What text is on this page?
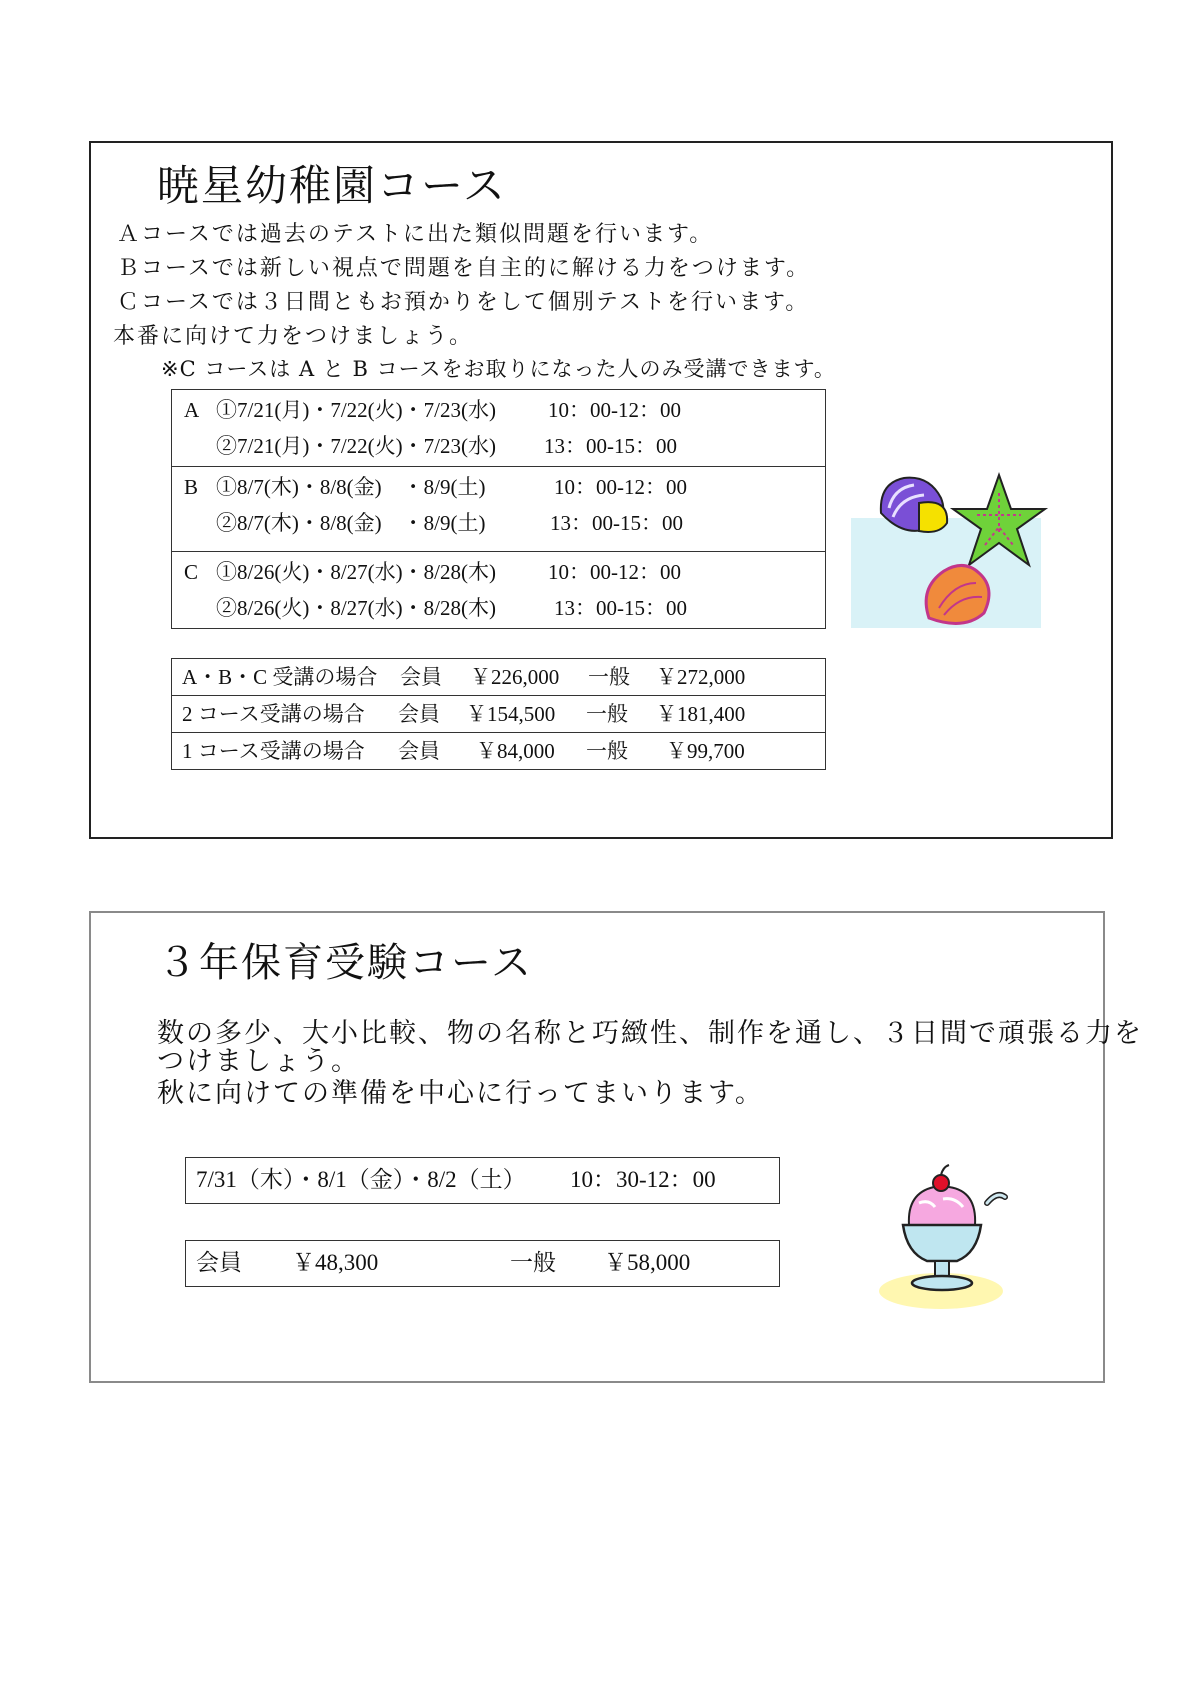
暁星幼稚園コース
Ａコースでは過去のテストに出た類似問題を行います。
Ｂコースでは新しい視点で問題を自主的に解ける力をつけます。
Ｃコースでは３日間ともお預かりをして個別テストを行います。
本番に向けて力をつけましょう。
※C コースは A と B コースをお取りになった人のみ受講できます。
A ①7/21(月)・7/22(火)・7/23(水) 10：00-12：00
②7/21(月)・7/22(火)・7/23(水) 13：00-15：00
B ①8/7(木)・8/8(金)　・8/9(土)	10：00-12：00
②8/7(木)・8/8(金)　・8/9(土)	13：00-15：00
C ①8/26(火)・8/27(水)・8/28(木) 10：00-12：00
②8/26(火)・8/27(水)・8/28(木)	13：00-15：00
A・B・C 受講の場合 会員 ￥226,000 一般 ￥272,000
2 コース受講の場合 会員 ￥154,500 一般 ￥181,400
1 コース受講の場合 会員 ￥84,000 一般 ￥99,700
３年保育受験コース
数の多少、大小比較、物の名称と巧緻性、制作を通し、３日間で頑張る力を
つけましょう。
秋に向けての準備を中心に行ってまいります。
7/31（木）・8/1（金）・8/2（土） 10：30-12：00
会員 ￥48,300	一般 ￥58,000
